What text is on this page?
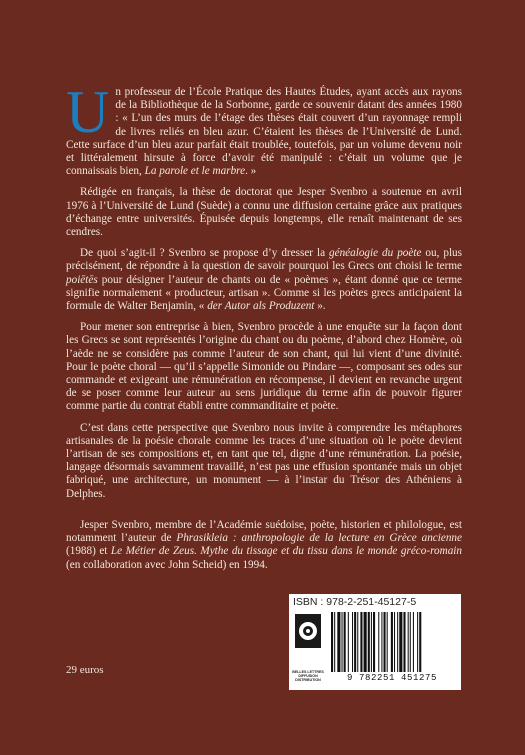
Un professeur de l’École Pratique des Hautes Études, ayant accès aux rayons de la Bibliothèque de la Sorbonne, garde ce souvenir datant des années 1980 : « L’un des murs de l’étage des thèses était couvert d’un rayonnage rempli de livres reliés en bleu azur. C’étaient les thèses de l’Université de Lund. Cette surface d’un bleu azur parfait était troublée, toutefois, par un volume devenu noir et littéralement hirsute à force d’avoir été manipulé : c’était un volume que je connaissais bien, La parole et le marbre. »

Rédigée en français, la thèse de doctorat que Jesper Svenbro a soutenue en avril 1976 à l’Université de Lund (Suède) a connu une diffusion certaine grâce aux pratiques d’échange entre universités. Épuisée depuis longtemps, elle renaît maintenant de ses cendres.

De quoi s’agit-il ? Svenbro se propose d’y dresser la généalogie du poète ou, plus précisément, de répondre à la question de savoir pourquoi les Grecs ont choisi le terme poiētēs pour désigner l’auteur de chants ou de « poèmes », étant donné que ce terme signifie normalement « producteur, artisan ». Comme si les poètes grecs anticipaient la formule de Walter Benjamin, « der Autor als Produzent ».

Pour mener son entreprise à bien, Svenbro procède à une enquête sur la façon dont les Grecs se sont représentés l’origine du chant ou du poème, d’abord chez Homère, où l’aède ne se considère pas comme l’auteur de son chant, qui lui vient d’une divinité. Pour le poète choral — qu’il s’appelle Simonide ou Pindare —, composant ses odes sur commande et exigeant une rémunération en récompense, il devient en revanche urgent de se poser comme leur auteur au sens juridique du terme afin de pouvoir figurer comme partie du contrat établi entre commanditaire et poète.

C’est dans cette perspective que Svenbro nous invite à comprendre les métaphores artisanales de la poésie chorale comme les traces d’une situation où le poète devient l’artisan de ses compositions et, en tant que tel, digne d’une rémunération. La poésie, langage désormais savamment travaillé, n’est pas une effusion spontanée mais un objet fabriqué, une architecture, un monument — à l’instar du Trésor des Athéniens à Delphes.

Jesper Svenbro, membre de l’Académie suédoise, poète, historien et philologue, est notamment l’auteur de Phrasikleia : anthropologie de la lecture en Grèce ancienne (1988) et Le Métier de Zeus. Mythe du tissage et du tissu dans le monde gréco-romain (en collaboration avec John Scheid) en 1994.

ISBN : 978-2-251-45127-5
BELLES LETTRES DIFFUSION DISTRIBUTION	9 782251 451275
29 euros
